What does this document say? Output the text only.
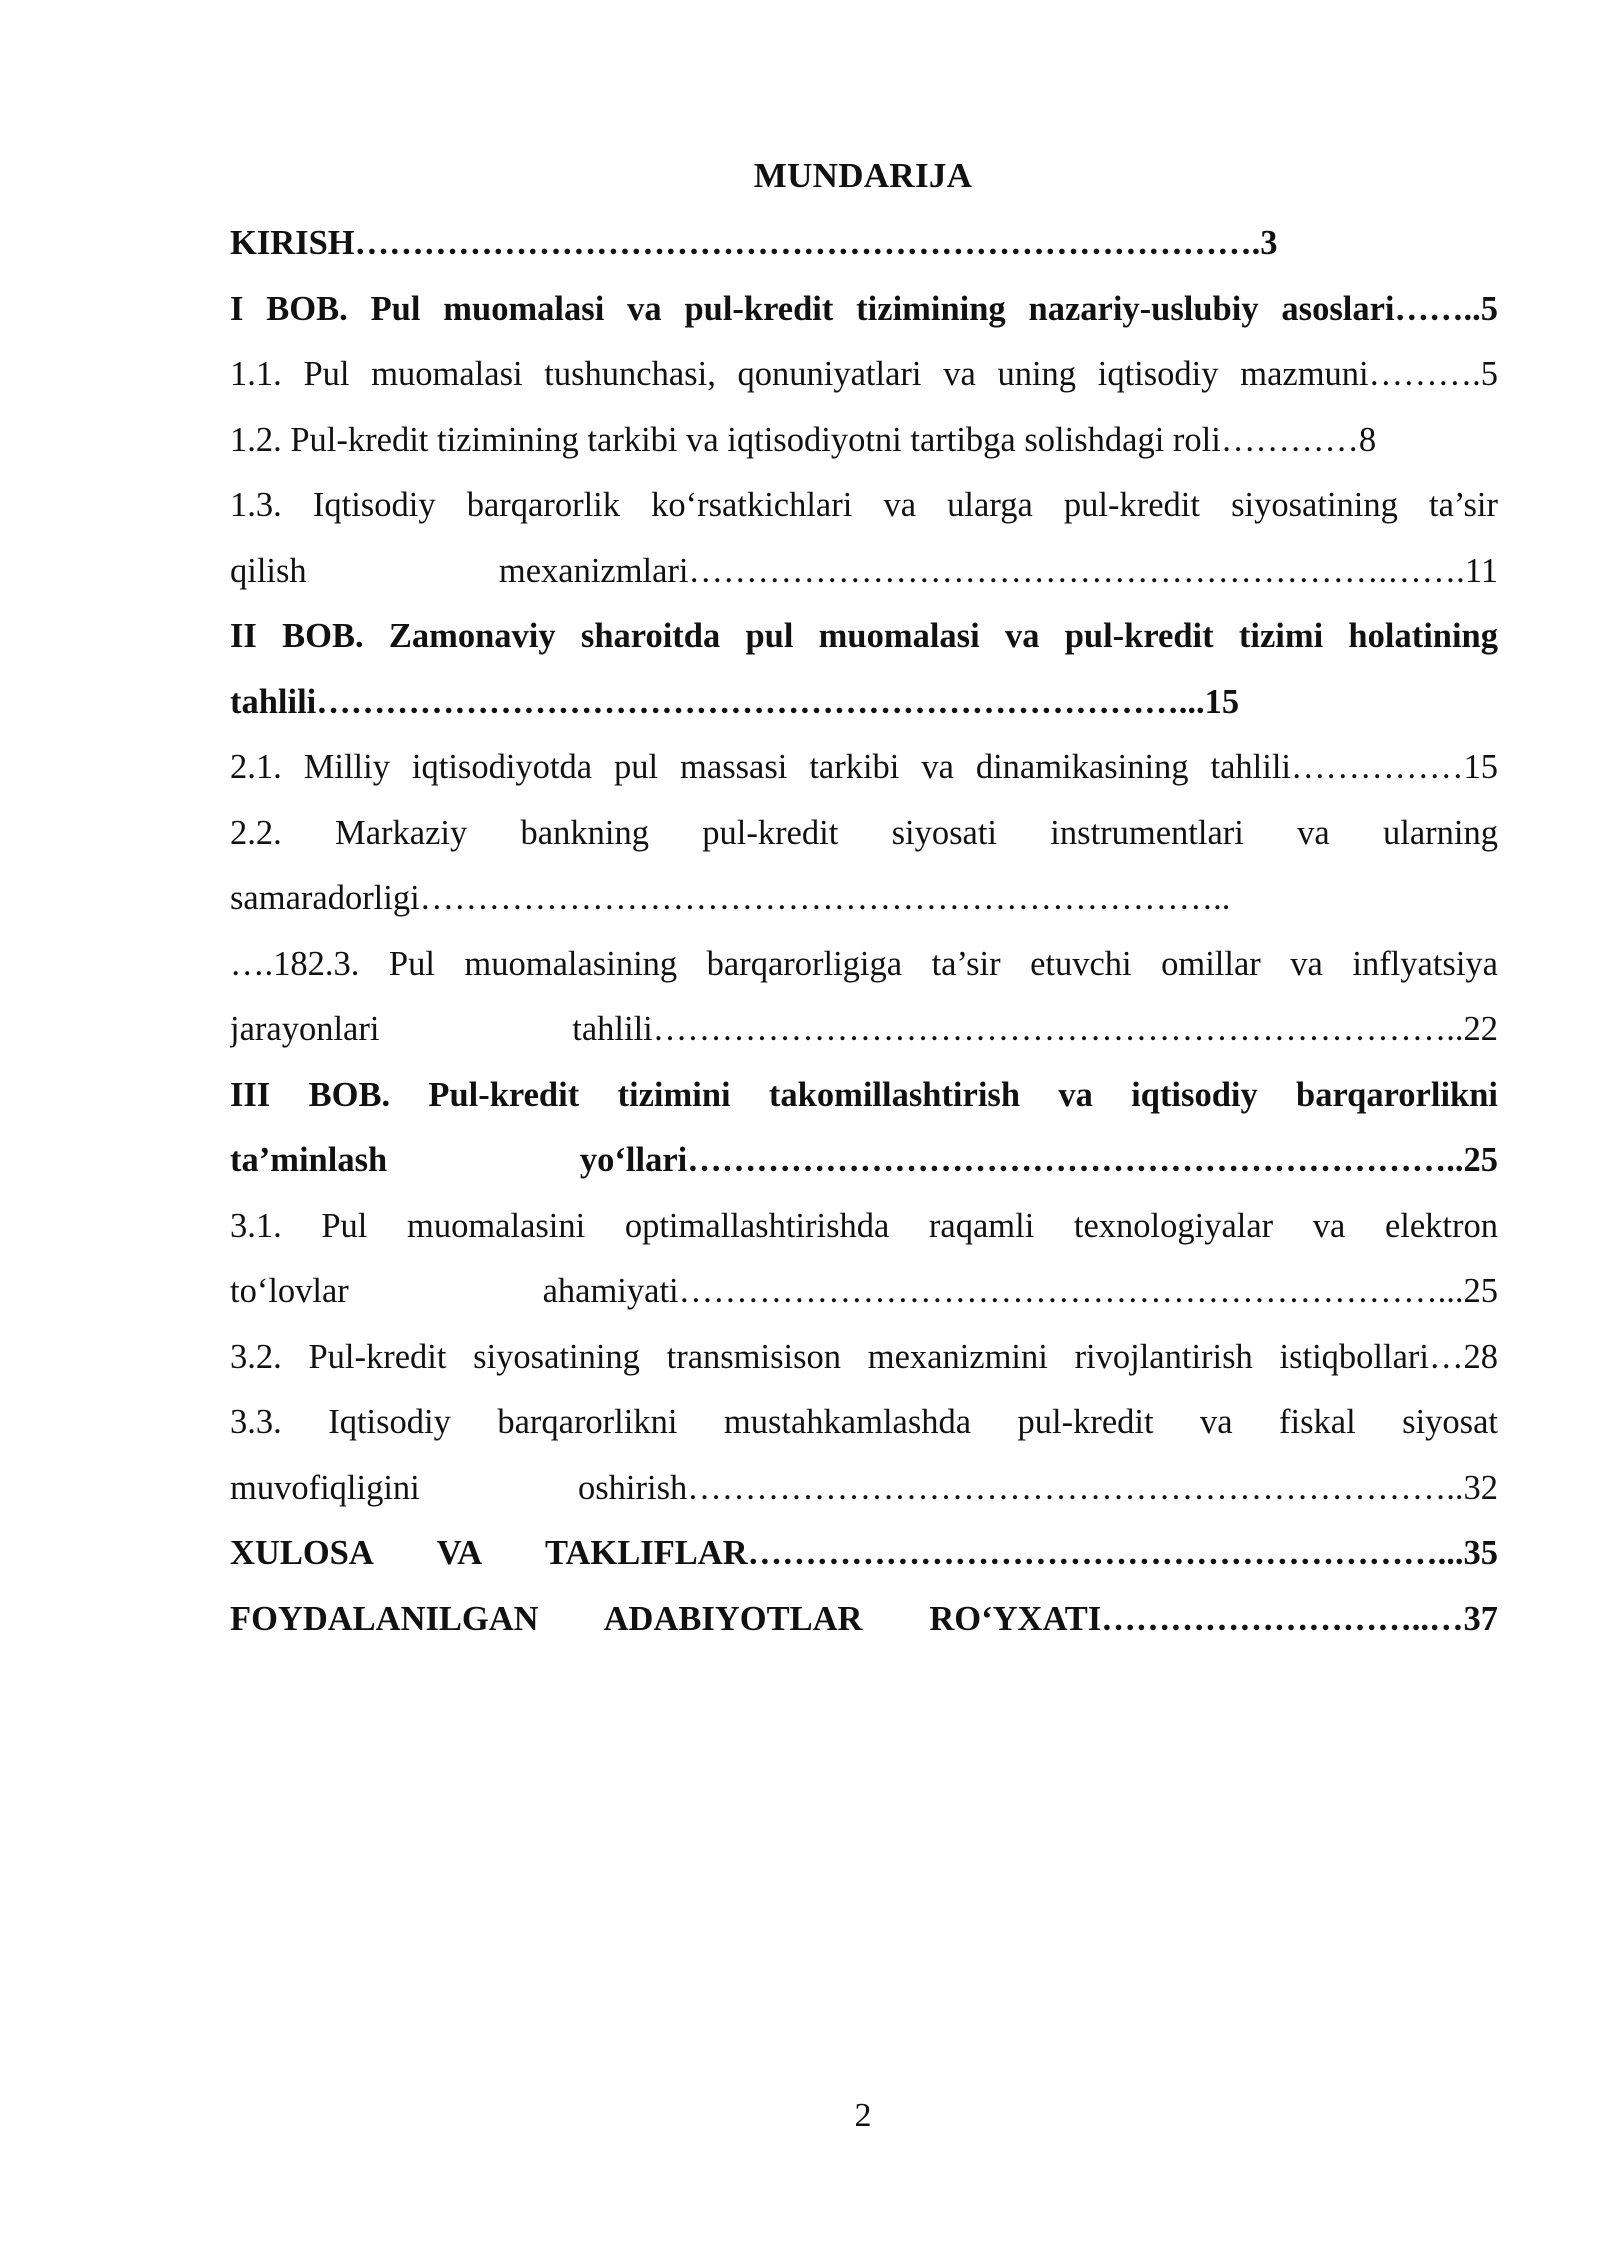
MUNDARIJA
KIRISH…………………………………………………………………….3
I BOB. Pul muomalasi va pul-kredit tizimining nazariy-uslubiy asoslari……..5
1.1. Pul muomalasi tushunchasi, qonuniyatlari va uning iqtisodiy mazmuni……….5
1.2. Pul-kredit tizimining tarkibi va iqtisodiyotni tartibga solishdagi roli…………8
1.3. Iqtisodiy barqarorlik ko‘rsatkichlari va ularga pul-kredit siyosatining ta’sir
qilish mexanizmlari…………………………………………………….…….11
II BOB. Zamonaviy sharoitda pul muomalasi va pul-kredit tizimi holatining
tahlili…………………………………………………………………...15
2.1. Milliy iqtisodiyotda pul massasi tarkibi va dinamikasining tahlili……………15
2.2. Markaziy bankning pul-kredit siyosati instrumentlari va ularning
samaradorligi……………………………………………………………..
….182.3. Pul muomalasining barqarorligiga ta’sir etuvchi omillar va inflyatsiya
jarayonlari tahlili……………………………………………………………..22
III BOB. Pul-kredit tizimini takomillashtirish va iqtisodiy barqarorlikni
ta’minlash yo‘llari…………………………………………………………..25
3.1. Pul muomalasini optimallashtirishda raqamli texnologiyalar va elektron
to‘lovlar ahamiyati…………………………………………………………...25
3.2. Pul-kredit siyosatining transmisison mexanizmini rivojlantirish istiqbollari…28
3.3. Iqtisodiy barqarorlikni mustahkamlashda pul-kredit va fiskal siyosat
muvofiqligini oshirish…………………………………………………………..32
XULOSA VA TAKLIFLAR……………………………………………………...35
FOYDALANILGAN ADABIYOTLAR RO‘YXATI………………………..…37
2
